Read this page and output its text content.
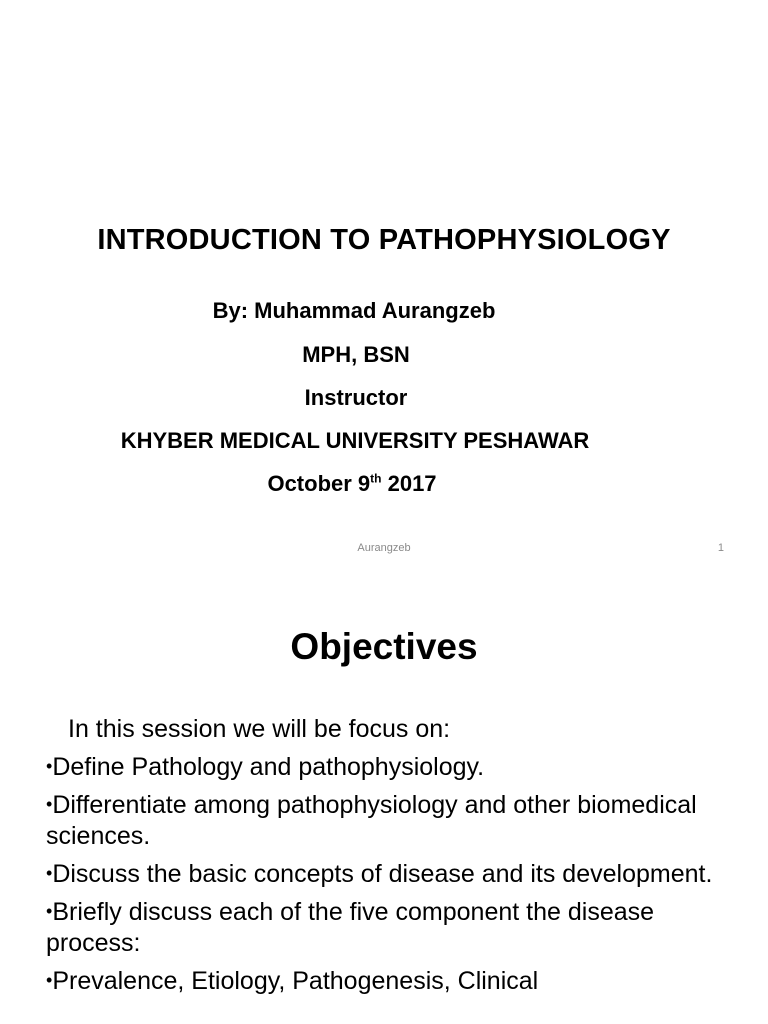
INTRODUCTION TO PATHOPHYSIOLOGY
By: Muhammad Aurangzeb
MPH, BSN
Instructor
KHYBER MEDICAL UNIVERSITY PESHAWAR
October 9th 2017
Aurangzeb	1
Objectives
In this session we will be focus on:
•Define Pathology and pathophysiology.
•Differentiate among pathophysiology and other biomedical sciences.
•Discuss the basic concepts of disease and its development.
•Briefly discuss each of the five component the disease process:
•Prevalence, Etiology, Pathogenesis, Clinical
